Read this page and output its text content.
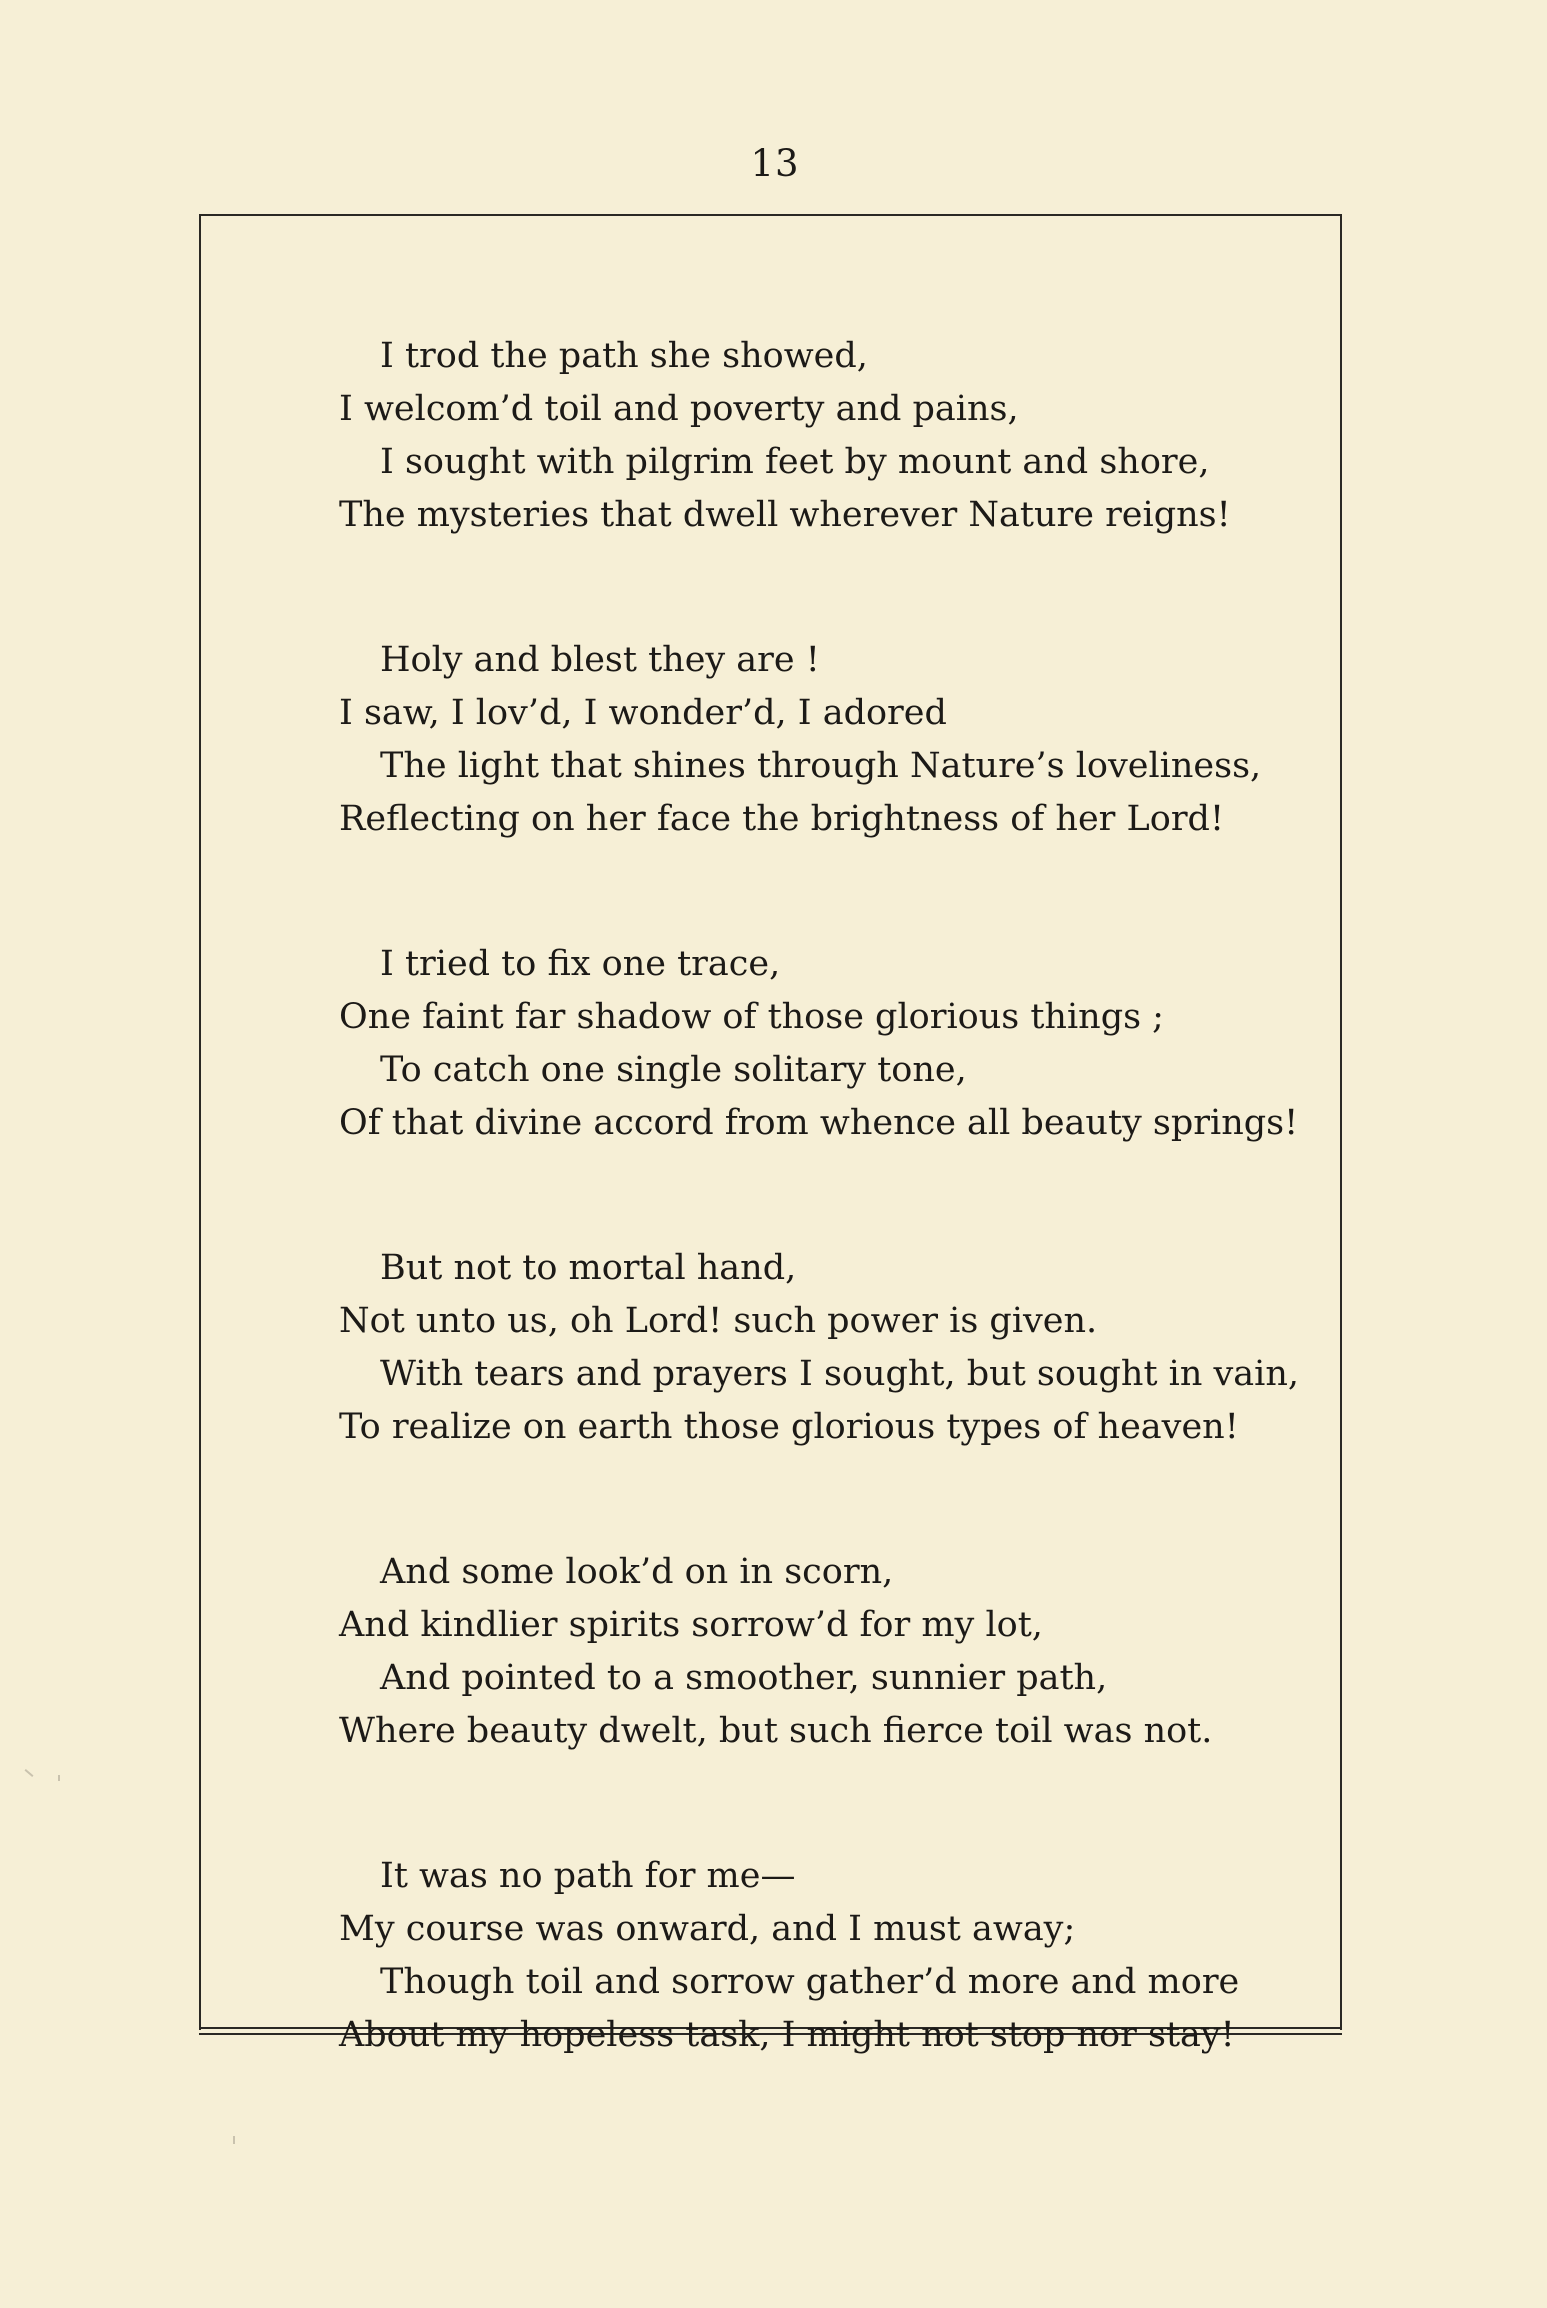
13
I trod the path she showed,
I welcom’d toil and poverty and pains,
I sought with pilgrim feet by mount and shore,
The mysteries that dwell wherever Nature reigns!
Holy and blest they are !
I saw, I lov’d, I wonder’d, I adored
The light that shines through Nature’s loveliness,
Reflecting on her face the brightness of her Lord!
I tried to fix one trace,
One faint far shadow of those glorious things ;
To catch one single solitary tone,
Of that divine accord from whence all beauty springs!
But not to mortal hand,
Not unto us, oh Lord! such power is given.
With tears and prayers I sought, but sought in vain,
To realize on earth those glorious types of heaven!
And some look’d on in scorn,
And kindlier spirits sorrow’d for my lot,
And pointed to a smoother, sunnier path,
Where beauty dwelt, but such fierce toil was not.
It was no path for me—
My course was onward, and I must away;
Though toil and sorrow gather’d more and more
About my hopeless task, I might not stop nor stay!
